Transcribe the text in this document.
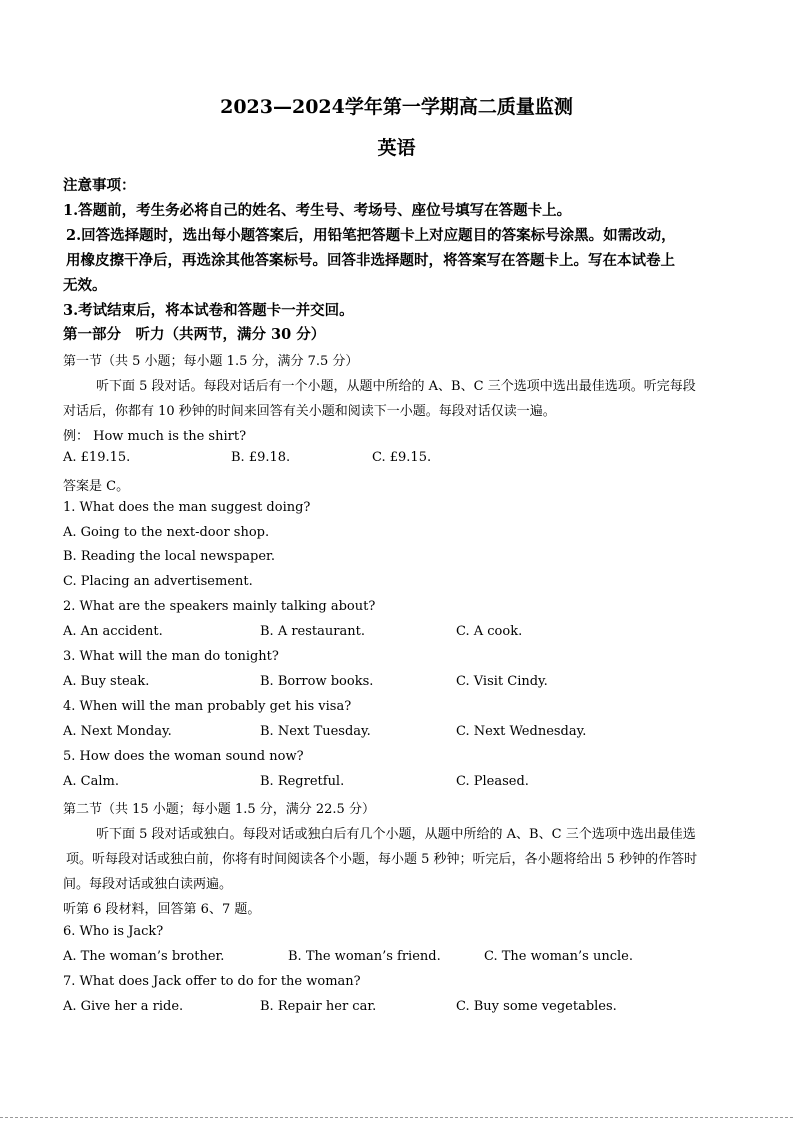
2023—2024学年第一学期高二质量监测
英语
注意事项：
1.答题前，考生务必将自己的姓名、考生号、考场号、座位号填写在答题卡上。
2.回答选择题时，选出每小题答案后，用铅笔把答题卡上对应题目的答案标号涂黑。如需改动，
用橡皮擦干净后，再选涂其他答案标号。回答非选择题时，将答案写在答题卡上。写在本试卷上
无效。
3.考试结束后，将本试卷和答题卡一并交回。
第一部分　听力（共两节，满分 30 分）
第一节（共 5 小题；每小题 1.5 分，满分 7.5 分）
听下面 5 段对话。每段对话后有一个小题，从题中所给的 A、B、C 三个选项中选出最佳选项。听完每段
对话后，你都有 10 秒钟的时间来回答有关小题和阅读下一小题。每段对话仅读一遍。
例： How much is the shirt?
A. £19.15.	B. £9.18.	C. £9.15.
答案是 C。
1. What does the man suggest doing?
A. Going to the next-door shop.
B. Reading the local newspaper.
C. Placing an advertisement.
2. What are the speakers mainly talking about?
A. An accident.	B. A restaurant.	C. A cook.
3. What will the man do tonight?
A. Buy steak.	B. Borrow books.	C. Visit Cindy.
4. When will the man probably get his visa?
A. Next Monday.	B. Next Tuesday.	C. Next Wednesday.
5. How does the woman sound now?
A. Calm.	B. Regretful.	C. Pleased.
第二节（共 15 小题；每小题 1.5 分，满分 22.5 分）
听下面 5 段对话或独白。每段对话或独白后有几个小题，从题中所给的 A、B、C 三个选项中选出最佳选
项。听每段对话或独白前，你将有时间阅读各个小题，每小题 5 秒钟；听完后，各小题将给出 5 秒钟的作答时
间。每段对话或独白读两遍。
听第 6 段材料，回答第 6、7 题。
6. Who is Jack?
A. The woman’s brother.	B. The woman’s friend.	C. The woman’s uncle.
7. What does Jack offer to do for the woman?
A. Give her a ride.	B. Repair her car.	C. Buy some vegetables.
